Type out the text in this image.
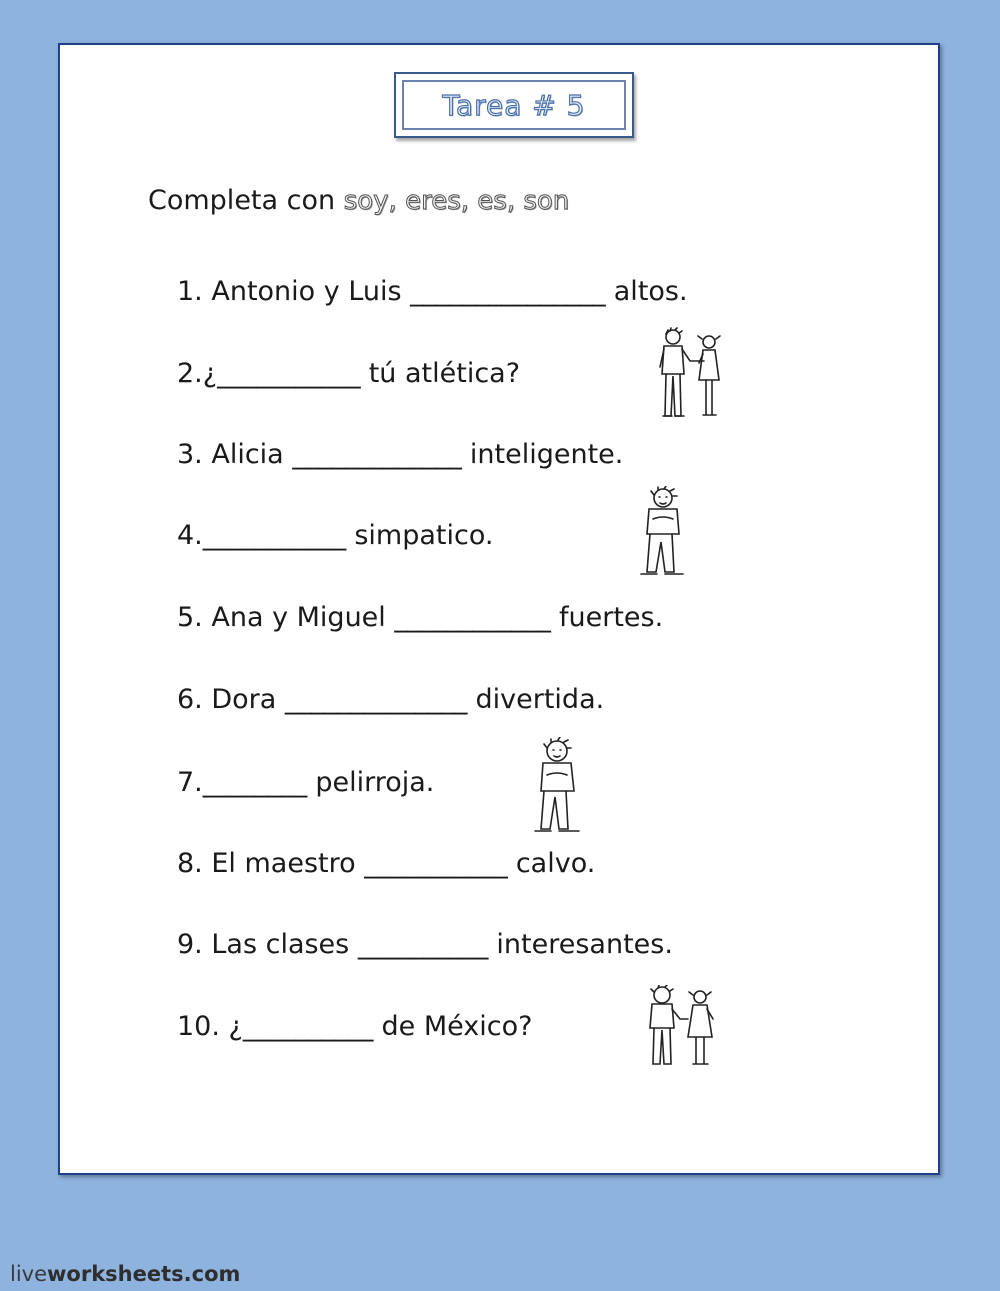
Tarea # 5
Completa con soy, eres, es, son
1. Antonio y Luis _______________ altos.
2.¿___________ tú atlética?
3. Alicia _____________ inteligente.
4.___________ simpatico.
5. Ana y Miguel ____________ fuertes.
6. Dora ______________ divertida.
7.________ pelirroja.
8. El maestro ___________ calvo.
9. Las clases __________ interesantes.
10. ¿__________ de México?
liveworksheets.com
